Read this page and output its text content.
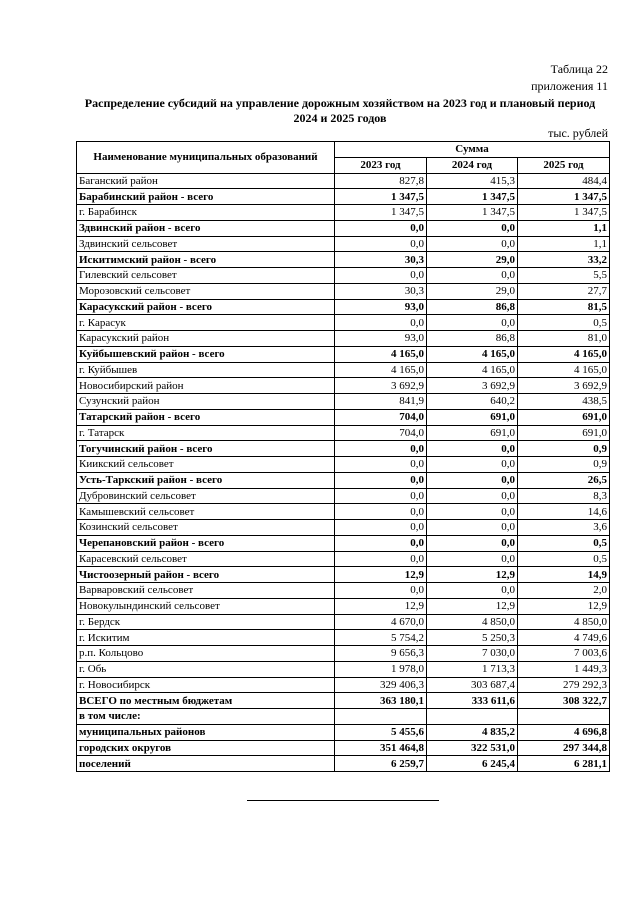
Таблица 22
приложения 11
Распределение субсидий на управление дорожным хозяйством на 2023 год и плановый период
2024 и 2025 годов
тыс. рублей
Наименование муниципальных образований	Сумма		
	2023 год	2024 год	2025 год
Баганский район	827,8	415,3	484,4
Барабинский район - всего	1 347,5	1 347,5	1 347,5
г. Барабинск	1 347,5	1 347,5	1 347,5
Здвинский район - всего	0,0	0,0	1,1
Здвинский сельсовет	0,0	0,0	1,1
Искитимский район - всего	30,3	29,0	33,2
Гилевский сельсовет	0,0	0,0	5,5
Морозовский сельсовет	30,3	29,0	27,7
Карасукский район - всего	93,0	86,8	81,5
г. Карасук	0,0	0,0	0,5
Карасукский район	93,0	86,8	81,0
Куйбышевский район - всего	4 165,0	4 165,0	4 165,0
г. Куйбышев	4 165,0	4 165,0	4 165,0
Новосибирский район	3 692,9	3 692,9	3 692,9
Сузунский район	841,9	640,2	438,5
Татарский район - всего	704,0	691,0	691,0
г. Татарск	704,0	691,0	691,0
Тогучинский район - всего	0,0	0,0	0,9
Киикский сельсовет	0,0	0,0	0,9
Усть-Таркский район - всего	0,0	0,0	26,5
Дубровинский сельсовет	0,0	0,0	8,3
Камышевский сельсовет	0,0	0,0	14,6
Козинский сельсовет	0,0	0,0	3,6
Черепановский район - всего	0,0	0,0	0,5
Карасевский сельсовет	0,0	0,0	0,5
Чистоозерный район - всего	12,9	12,9	14,9
Варваровский сельсовет	0,0	0,0	2,0
Новокулындинский сельсовет	12,9	12,9	12,9
г. Бердск	4 670,0	4 850,0	4 850,0
г. Искитим	5 754,2	5 250,3	4 749,6
р.п. Кольцово	9 656,3	7 030,0	7 003,6
г. Обь	1 978,0	1 713,3	1 449,3
г. Новосибирск	329 406,3	303 687,4	279 292,3
ВСЕГО по местным бюджетам	363 180,1	333 611,6	308 322,7
в том числе:			
муниципальных районов	5 455,6	4 835,2	4 696,8
городских округов	351 464,8	322 531,0	297 344,8
поселений	6 259,7	6 245,4	6 281,1
